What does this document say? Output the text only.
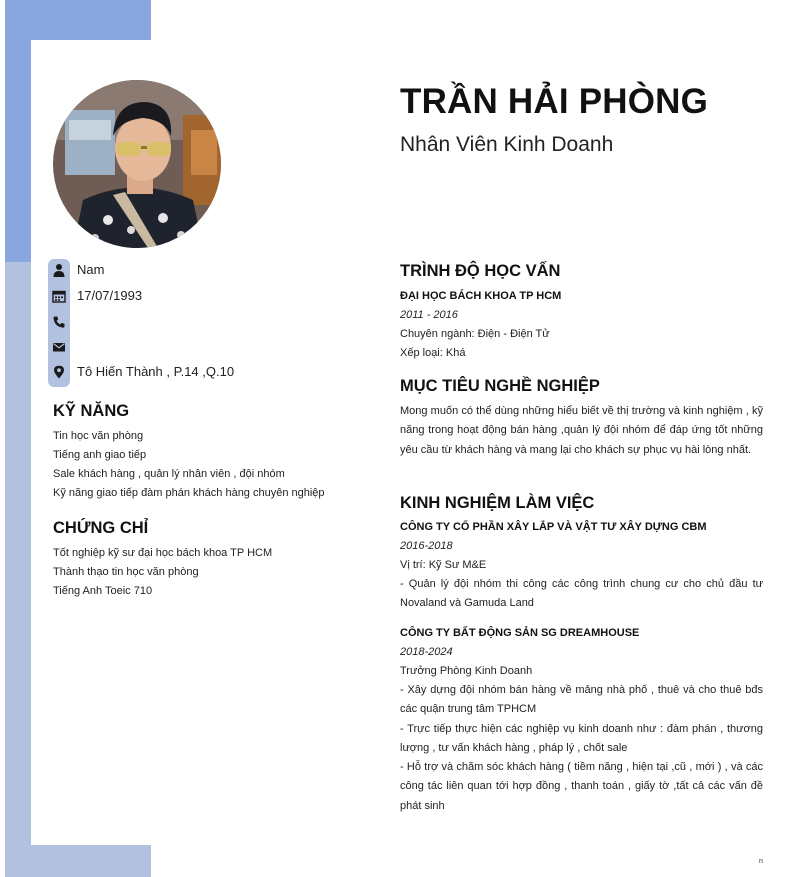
TRẦN HẢI PHÒNG
Nhân Viên Kinh Doanh
Nam
17/07/1993
Tô Hiến Thành , P.14 ,Q.10
KỸ NĂNG
Tin học văn phòng
Tiếng anh giao tiếp
Sale khách hàng , quản lý nhân viên , đội nhóm
Kỹ năng giao tiếp đàm phán khách hàng chuyên nghiệp
CHỨNG CHỈ
Tốt nghiệp kỹ sư đại học bách khoa TP HCM
Thành thạo tin học văn phòng
Tiếng Anh Toeic 710
TRÌNH ĐỘ HỌC VẤN
ĐẠI HỌC BÁCH KHOA TP HCM
2011 - 2016
Chuyên ngành: Điện - Điện Tử
Xếp loại: Khá
MỤC TIÊU NGHỀ NGHIỆP
Mong muốn có thể dùng những hiểu biết về thị trường và kinh nghiệm , kỹ năng trong hoạt động bán hàng ,quản lý đội nhóm để đáp ứng tốt những yêu cầu từ khách hàng và mang lại cho khách sự phục vụ hài lòng nhất.
KINH NGHIỆM LÀM VIỆC
CÔNG TY CỔ PHẦN XÂY LẮP VÀ VẬT TƯ XÂY DỰNG CBM
2016-2018
Vị trí: Kỹ Sư M&E
- Quản lý đội nhóm thi công các công trình chung cư cho chủ đầu tư Novaland và Gamuda Land
CÔNG TY BẤT ĐỘNG SẢN SG DREAMHOUSE
2018-2024
Trưởng Phòng Kinh Doanh
- Xây dựng đội nhóm bán hàng về mảng nhà phố , thuê và cho thuê bđs các quận trung tâm TPHCM
- Trực tiếp thực hiện các nghiệp vụ kinh doanh như : đàm phán , thương lượng , tư vấn khách hàng , pháp lý , chốt sale
- Hỗ trợ và chăm sóc khách hàng ( tiềm năng , hiện tại ,cũ , mới ) , và các công tác liên quan tới hợp đồng , thanh toán , giấy tờ ,tất cả các vấn đề phát sinh
n
